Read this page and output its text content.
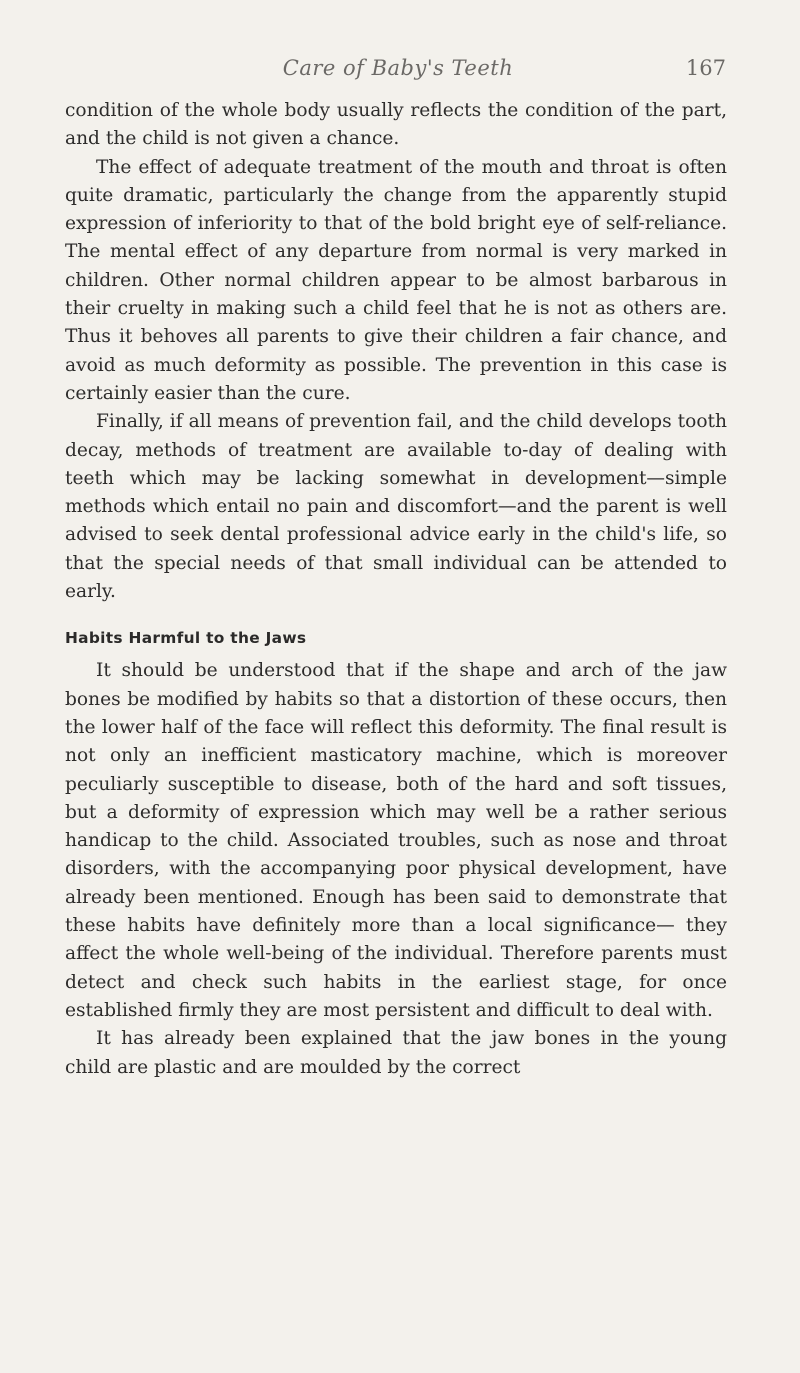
Care of Baby's Teeth	167

condition of the whole body usually reflects the condition of the part, and the child is not given a chance.

The effect of adequate treatment of the mouth and throat is often quite dramatic, particularly the change from the apparently stupid expression of inferiority to that of the bold bright eye of self-reliance. The mental effect of any departure from normal is very marked in children. Other normal children appear to be almost barbarous in their cruelty in making such a child feel that he is not as others are. Thus it behoves all parents to give their children a fair chance, and avoid as much deformity as possible. The prevention in this case is certainly easier than the cure.

Finally, if all means of prevention fail, and the child develops tooth decay, methods of treatment are available to-day of dealing with teeth which may be lacking somewhat in development—simple methods which entail no pain and discomfort—and the parent is well advised to seek dental professional advice early in the child's life, so that the special needs of that small individual can be attended to early.

Habits Harmful to the Jaws

It should be understood that if the shape and arch of the jaw bones be modified by habits so that a distortion of these occurs, then the lower half of the face will reflect this deformity. The final result is not only an inefficient masticatory machine, which is moreover peculiarly susceptible to disease, both of the hard and soft tissues, but a deformity of expression which may well be a rather serious handicap to the child. Associated troubles, such as nose and throat disorders, with the accompanying poor physical development, have already been mentioned. Enough has been said to demonstrate that these habits have definitely more than a local significance— they affect the whole well-being of the individual. Therefore parents must detect and check such habits in the earliest stage, for once established firmly they are most persistent and difficult to deal with.

It has already been explained that the jaw bones in the young child are plastic and are moulded by the correct
